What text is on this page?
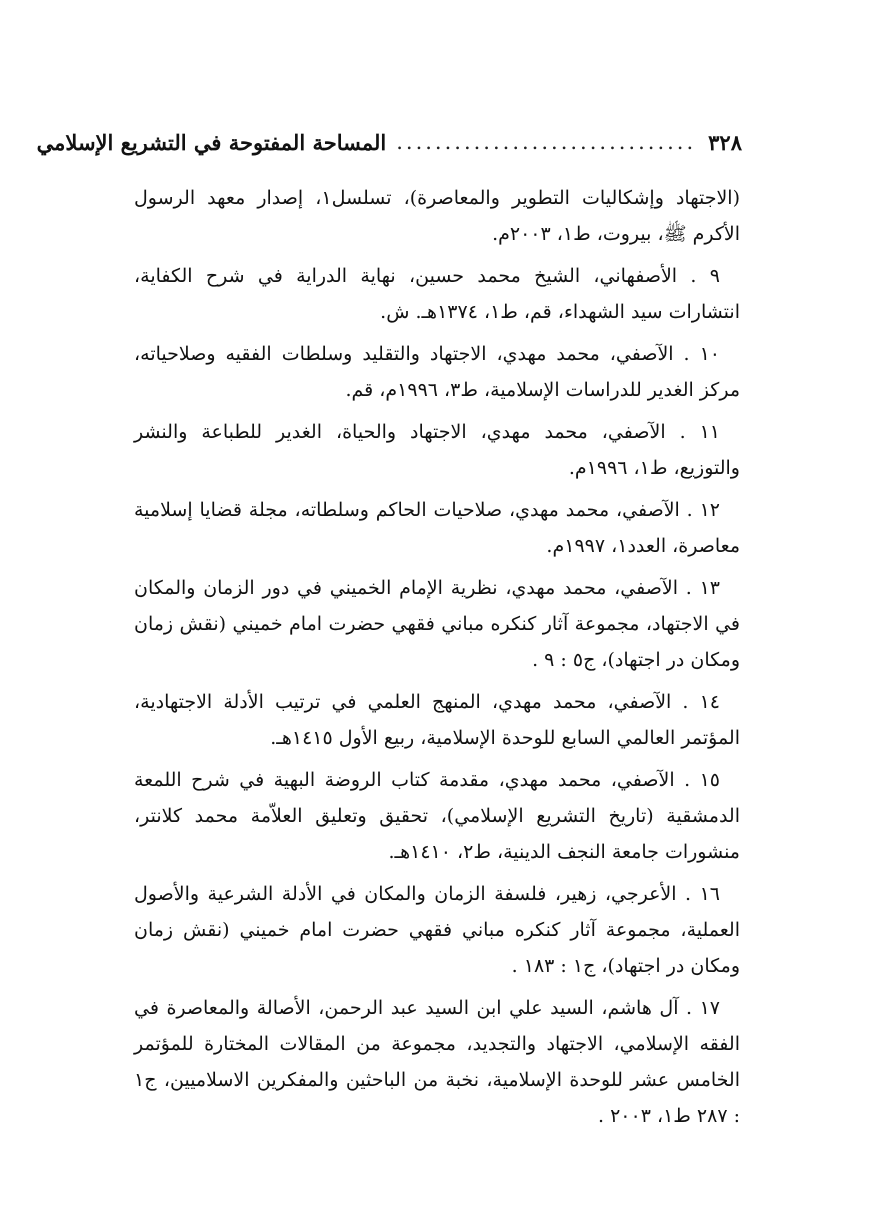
٣٢٨
...............................
المساحة المفتوحة في التشريع الإسلامي

(الاجتهاد وإشكاليات التطوير والمعاصرة)، تسلسل١، إصدار معهد الرسول الأكرم ﷺ، بيروت، ط١، ٢٠٠٣م.

٩ . الأصفهاني، الشيخ محمد حسين، نهاية الدراية في شرح الكفاية، انتشارات سيد الشهداء، قم، ط١، ١٣٧٤هـ. ش.

١٠ . الآصفي، محمد مهدي، الاجتهاد والتقليد وسلطات الفقيه وصلاحياته، مركز الغدير للدراسات الإسلامية، ط٣، ١٩٩٦م، قم.

١١ . الآصفي، محمد مهدي، الاجتهاد والحياة، الغدير للطباعة والنشر والتوزيع، ط١، ١٩٩٦م.

١٢ . الآصفي، محمد مهدي، صلاحيات الحاكم وسلطاته، مجلة قضايا إسلامية معاصرة، العدد١، ١٩٩٧م.

١٣ . الآصفي، محمد مهدي، نظرية الإمام الخميني في دور الزمان والمكان في الاجتهاد، مجموعة آثار كنكره مباني فقهي حضرت امام خميني (نقش زمان ومكان در اجتهاد)، ج٥ : ٩ .

١٤ . الآصفي، محمد مهدي، المنهج العلمي في ترتيب الأدلة الاجتهادية، المؤتمر العالمي السابع للوحدة الإسلامية، ربيع الأول ١٤١٥هـ.

١٥ . الآصفي، محمد مهدي، مقدمة كتاب الروضة البهية في شرح اللمعة الدمشقية (تاريخ التشريع الإسلامي)، تحقيق وتعليق العلاّمة محمد كلانتر، منشورات جامعة النجف الدينية، ط٢، ١٤١٠هـ.

١٦ . الأعرجي، زهير، فلسفة الزمان والمكان في الأدلة الشرعية والأصول العملية، مجموعة آثار كنكره مباني فقهي حضرت امام خميني (نقش زمان ومكان در اجتهاد)، ج١ : ١٨٣ .

١٧ . آل هاشم، السيد علي ابن السيد عبد الرحمن، الأصالة والمعاصرة في الفقه الإسلامي، الاجتهاد والتجديد، مجموعة من المقالات المختارة للمؤتمر الخامس عشر للوحدة الإسلامية، نخبة من الباحثين والمفكرين الاسلاميين، ج١ : ٢٨٧ ط١، ٢٠٠٣ .
